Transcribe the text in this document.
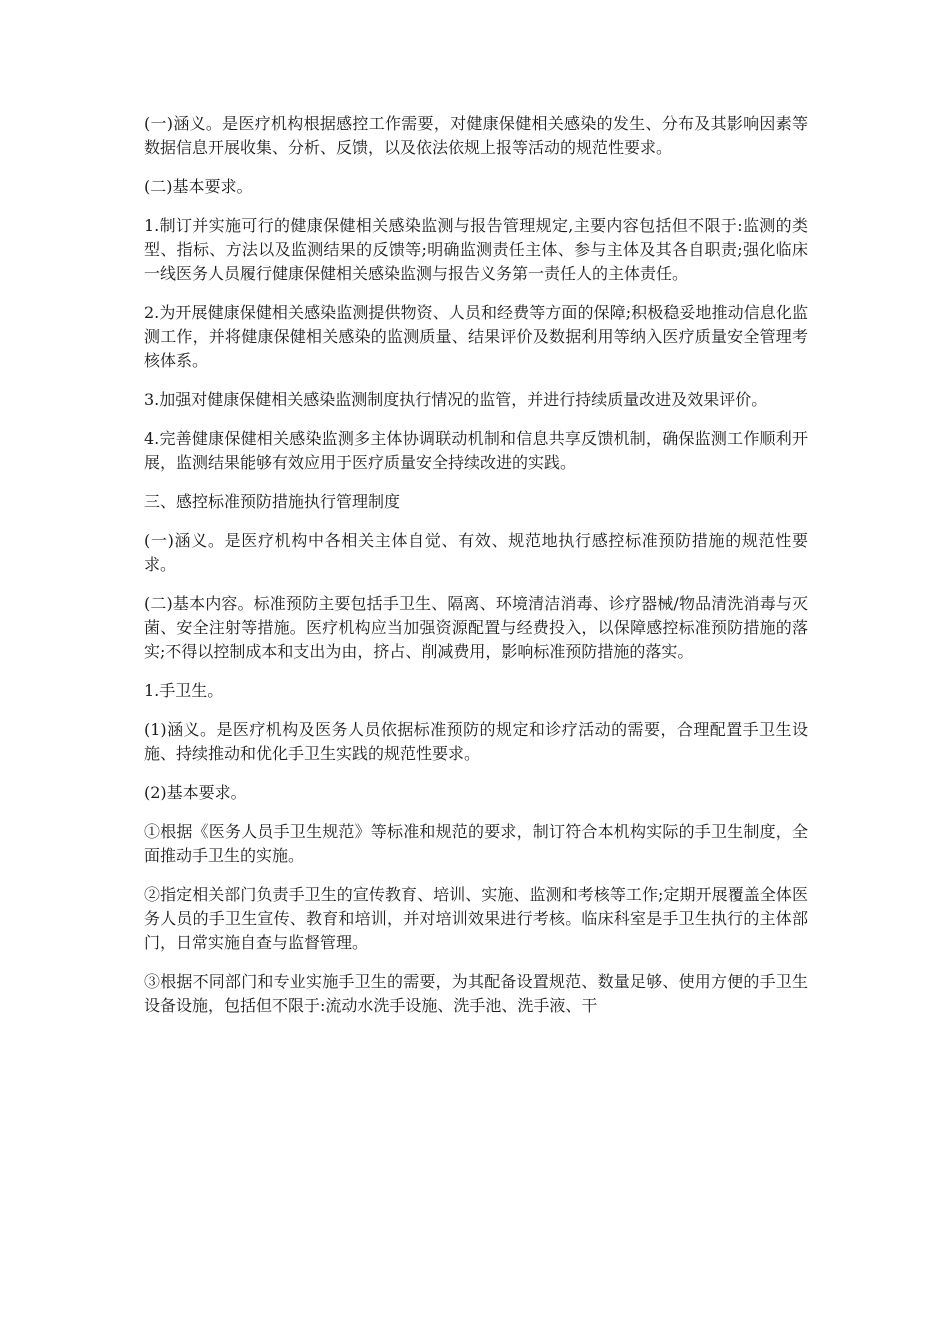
(一)涵义。是医疗机构根据感控工作需要，对健康保健相关感染的发生、分布及其影响因素等数据信息开展收集、分析、反馈，以及依法依规上报等活动的规范性要求。

(二)基本要求。

1.制订并实施可行的健康保健相关感染监测与报告管理规定,主要内容包括但不限于:监测的类型、指标、方法以及监测结果的反馈等;明确监测责任主体、参与主体及其各自职责;强化临床一线医务人员履行健康保健相关感染监测与报告义务第一责任人的主体责任。

2.为开展健康保健相关感染监测提供物资、人员和经费等方面的保障;积极稳妥地推动信息化监测工作，并将健康保健相关感染的监测质量、结果评价及数据利用等纳入医疗质量安全管理考核体系。

3.加强对健康保健相关感染监测制度执行情况的监管，并进行持续质量改进及效果评价。

4.完善健康保健相关感染监测多主体协调联动机制和信息共享反馈机制，确保监测工作顺利开展，监测结果能够有效应用于医疗质量安全持续改进的实践。

三、感控标准预防措施执行管理制度

(一)涵义。是医疗机构中各相关主体自觉、有效、规范地执行感控标准预防措施的规范性要求。

(二)基本内容。标准预防主要包括手卫生、隔离、环境清洁消毒、诊疗器械/物品清洗消毒与灭菌、安全注射等措施。医疗机构应当加强资源配置与经费投入，以保障感控标准预防措施的落实;不得以控制成本和支出为由，挤占、削减费用，影响标准预防措施的落实。

1.手卫生。

(1)涵义。是医疗机构及医务人员依据标准预防的规定和诊疗活动的需要，合理配置手卫生设施、持续推动和优化手卫生实践的规范性要求。

(2)基本要求。

①根据《医务人员手卫生规范》等标准和规范的要求，制订符合本机构实际的手卫生制度，全面推动手卫生的实施。

②指定相关部门负责手卫生的宣传教育、培训、实施、监测和考核等工作;定期开展覆盖全体医务人员的手卫生宣传、教育和培训，并对培训效果进行考核。临床科室是手卫生执行的主体部门，日常实施自查与监督管理。

③根据不同部门和专业实施手卫生的需要，为其配备设置规范、数量足够、使用方便的手卫生设备设施，包括但不限于:流动水洗手设施、洗手池、洗手液、干
